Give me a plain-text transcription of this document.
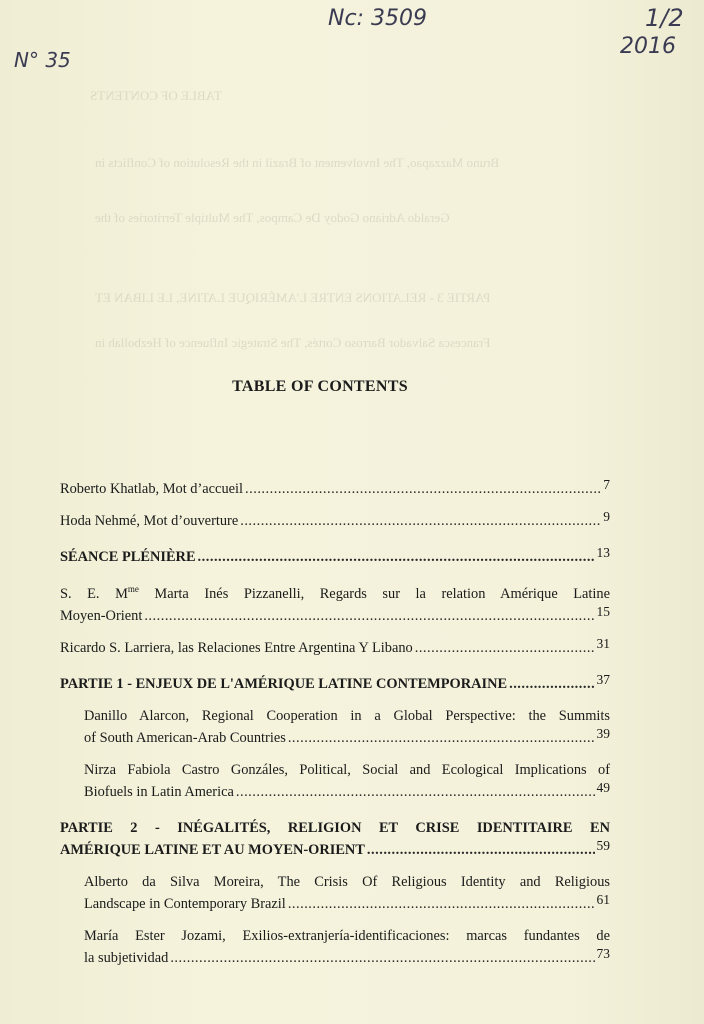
TABLE OF CONTENTS
Bruno Mazzapao, The Involvement of Brazil in the Resolution of Conflicts in
Geraldo Adriano Godoy De Campos, The Multiple Territories of the
PARTIE 3 - RELATIONS ENTRE L'AMÉRIQUE LATINE, LE LIBAN ET
Francesca Salvador Barroso Cortés, The Strategic Influence of Hezbollah in
Nc: 3509
N° 35
1/2
2016
TABLE OF CONTENTS
Roberto Khatlab, Mot d’accueil .....	7
Hoda Nehmé, Mot d’ouverture .....	9
SÉANCE PLÉNIÈRE .....	13
S. E. $M^{me}$ Marta Inés Pizzanelli, Regards sur la relation Amérique Latine
Moyen-Orient .....	15
Ricardo S. Larriera, las Relaciones Entre Argentina Y Libano .....	31
PARTIE 1 - ENJEUX DE L'AMÉRIQUE LATINE CONTEMPORAINE .....	37
Danillo Alarcon, Regional Cooperation in a Global Perspective: the Summits
of South American-Arab Countries .....	39
Nirza Fabiola Castro Gonzáles, Political, Social and Ecological Implications of
Biofuels in Latin America .....	49
PARTIE 2 - INÉGALITÉS, RELIGION ET CRISE IDENTITAIRE EN
AMÉRIQUE LATINE ET AU MOYEN-ORIENT .....	59
Alberto da Silva Moreira, The Crisis Of Religious Identity and Religious
Landscape in Contemporary Brazil .....	61
María Ester Jozami, Exilios-extranjería-identificaciones: marcas fundantes de
la subjetividad .....	73
